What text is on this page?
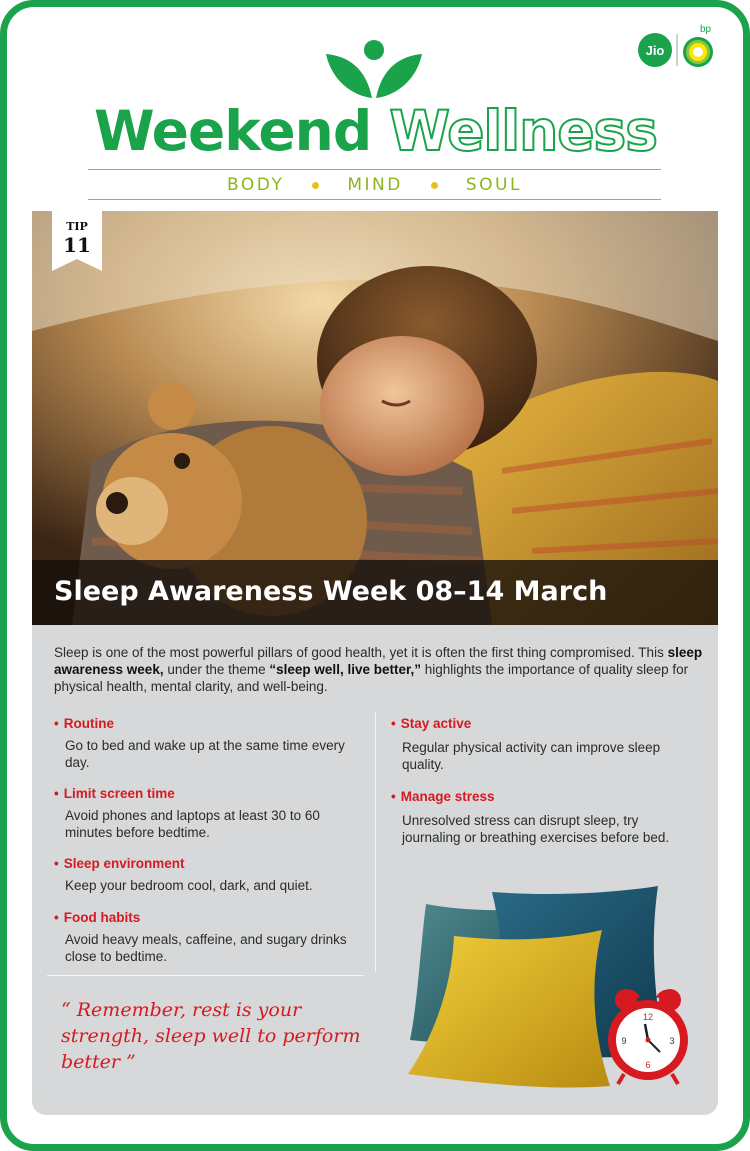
Jio
bp
Weekend Wellness
BODY	MIND	SOUL
TIP
11
Sleep Awareness Week 08–14 March
Sleep is one of the most powerful pillars of good health, yet it is often the first thing compromised. This sleep awareness week, under the theme “sleep well, live better,” highlights the importance of quality sleep for physical health, mental clarity, and well-being.
• Routine
Go to bed and wake up at the same time every day.
• Limit screen time
Avoid phones and laptops at least 30 to 60 minutes before bedtime.
• Sleep environment
Keep your bedroom cool, dark, and quiet.
• Food habits
Avoid heavy meals, caffeine, and sugary drinks close to bedtime.
• Stay active
Regular physical activity can improve sleep quality.
• Manage stress
Unresolved stress can disrupt sleep, try journaling or breathing exercises before bed.
“ Remember, rest is your strength, sleep well to perform better ”
12
3
6
9
